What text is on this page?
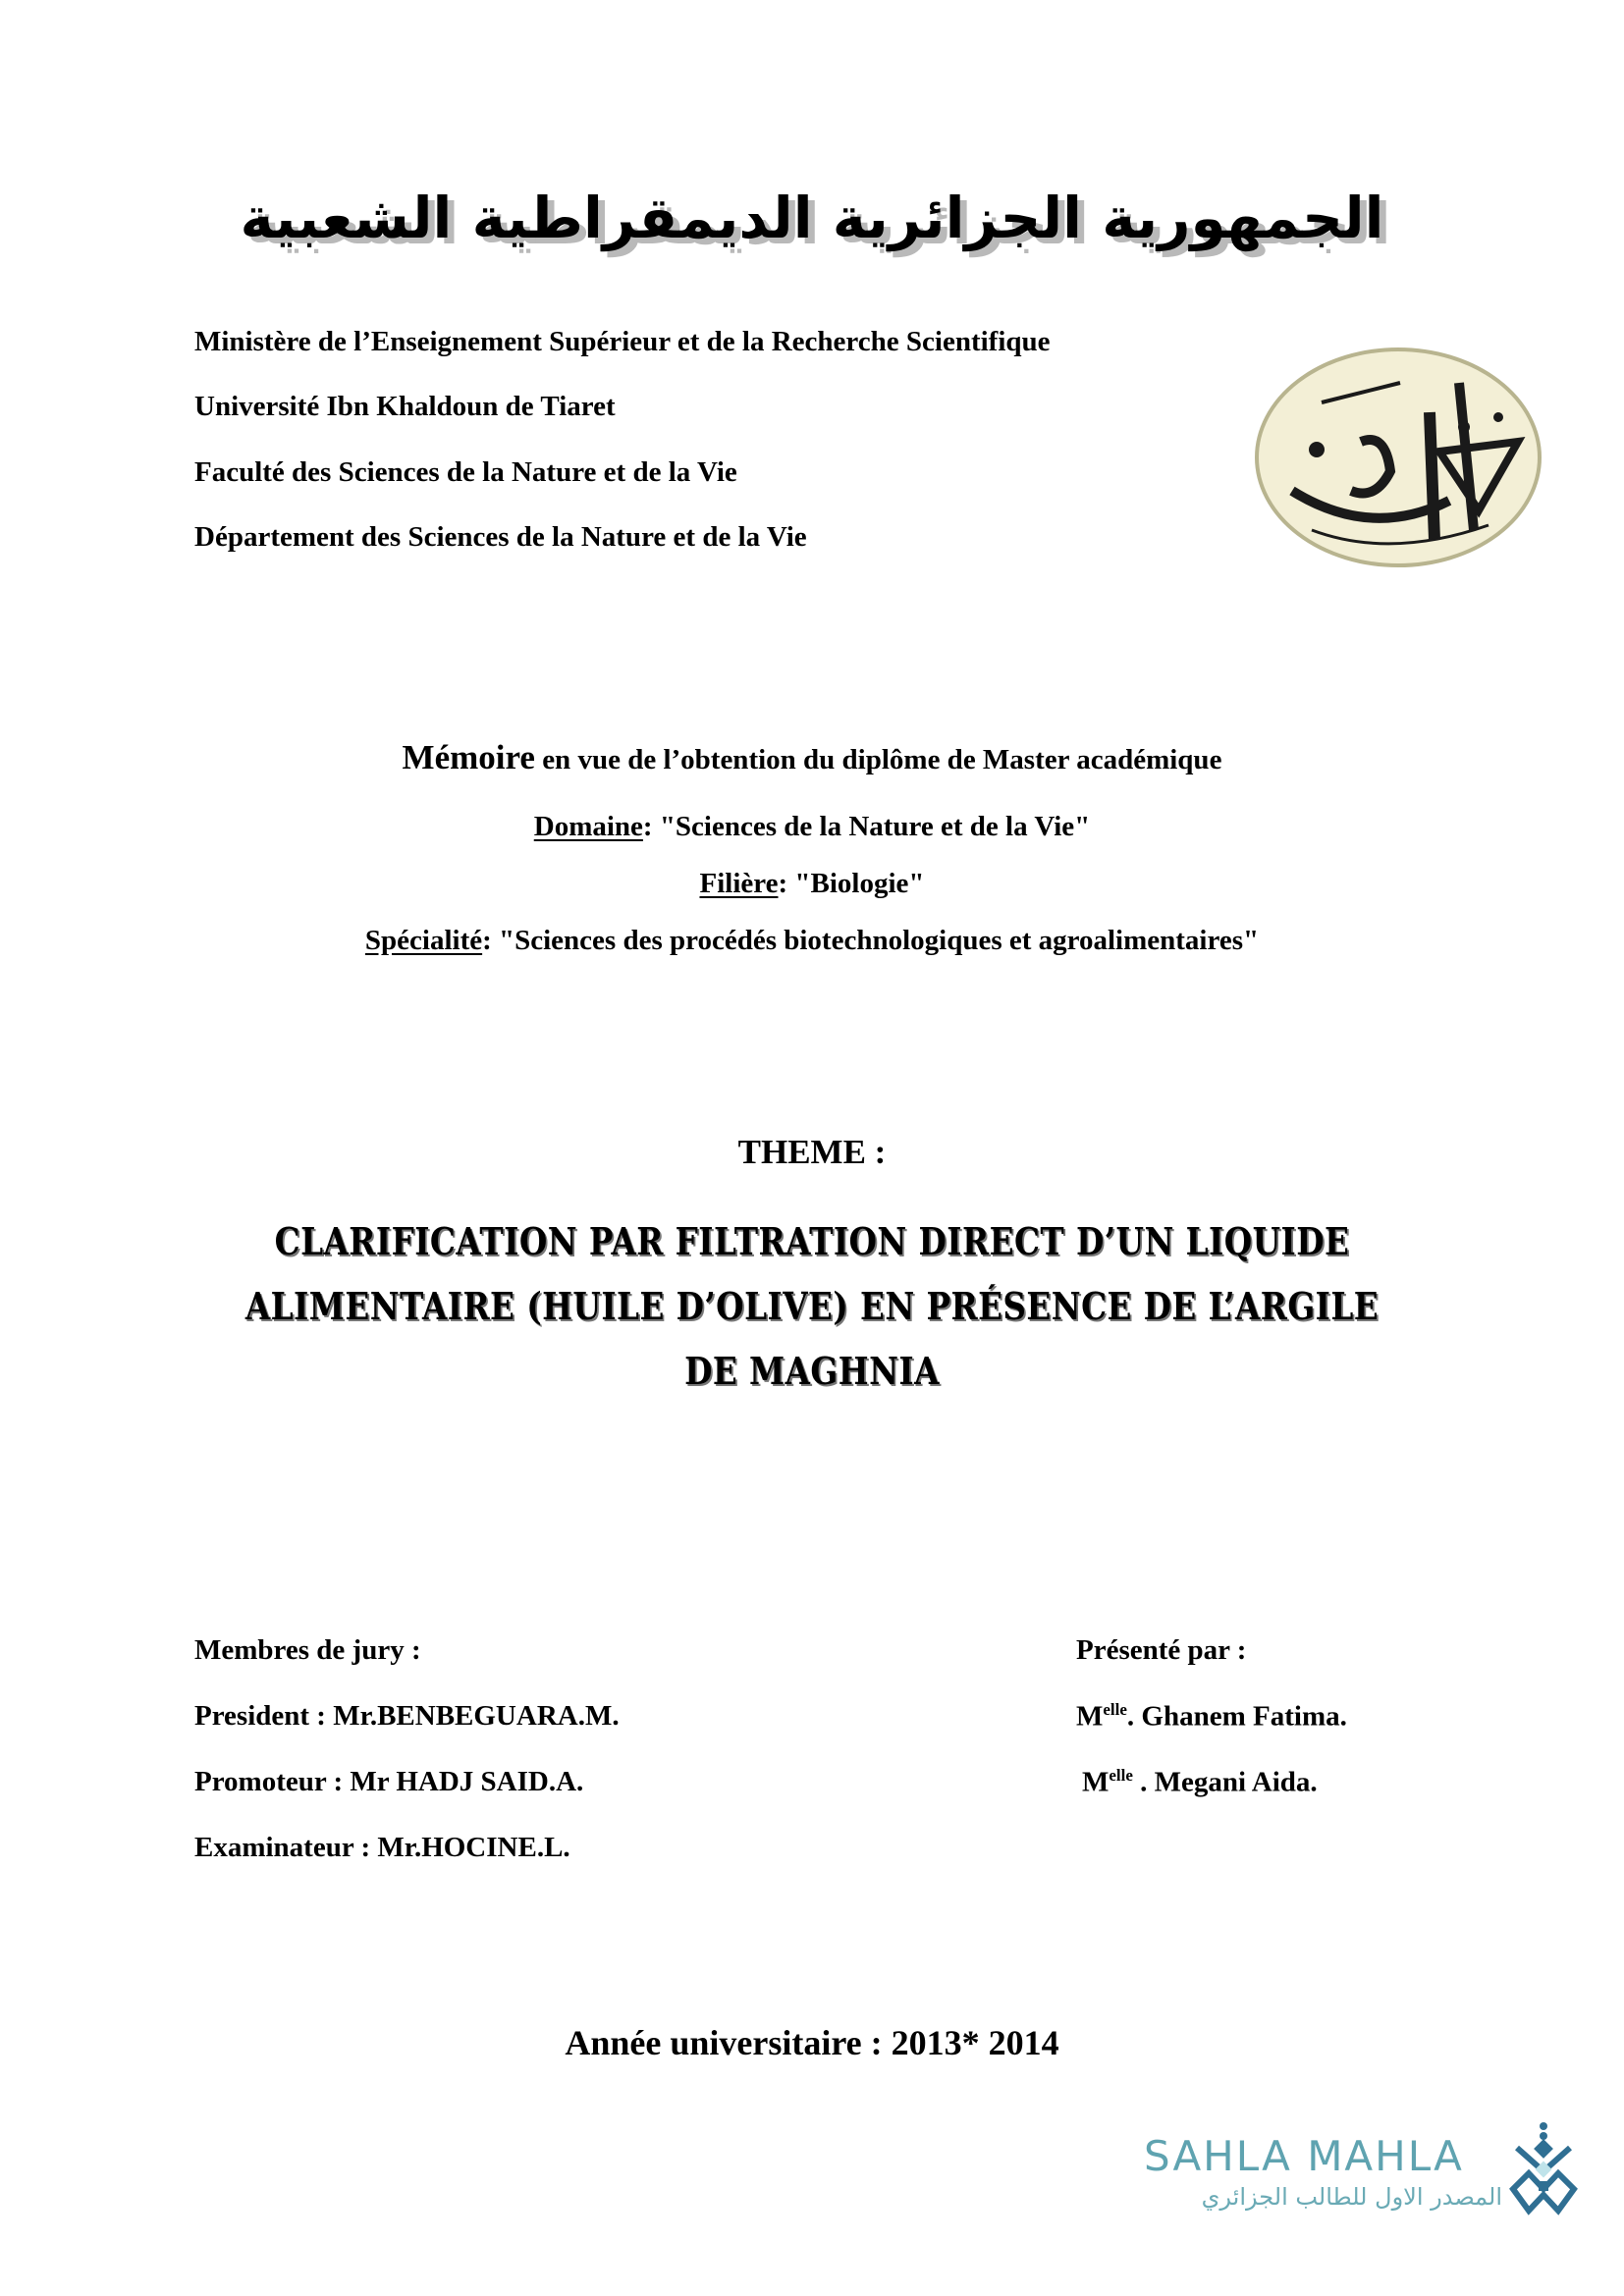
الجمهورية الجزائرية الديمقراطية الشعبية
Ministère de l’Enseignement Supérieur et de la Recherche Scientifique
Université Ibn Khaldoun de Tiaret
Faculté des Sciences de la Nature et de la Vie
Département des Sciences de la Nature et de la Vie
Mémoire en vue de l’obtention du diplôme de Master académique
Domaine: "Sciences de la Nature et de la Vie"
Filière: "Biologie"
Spécialité: "Sciences des procédés biotechnologiques et agroalimentaires"
THEME :
CLARIFICATION PAR FILTRATION DIRECT D’UN LIQUIDE
ALIMENTAIRE (HUILE D’OLIVE) EN PRÉSENCE DE L’ARGILE
DE MAGHNIA
Membres de jury :
President : Mr.BENBEGUARA.M.
Promoteur : Mr HADJ SAID.A.
Examinateur : Mr.HOCINE.L.
Présenté par :
$M^{elle}$. Ghanem Fatima.
$M^{elle}$ . Megani Aida.
Année universitaire : 2013* 2014
SAHLA MAHLA
المصدر الاول للطالب الجزائري
